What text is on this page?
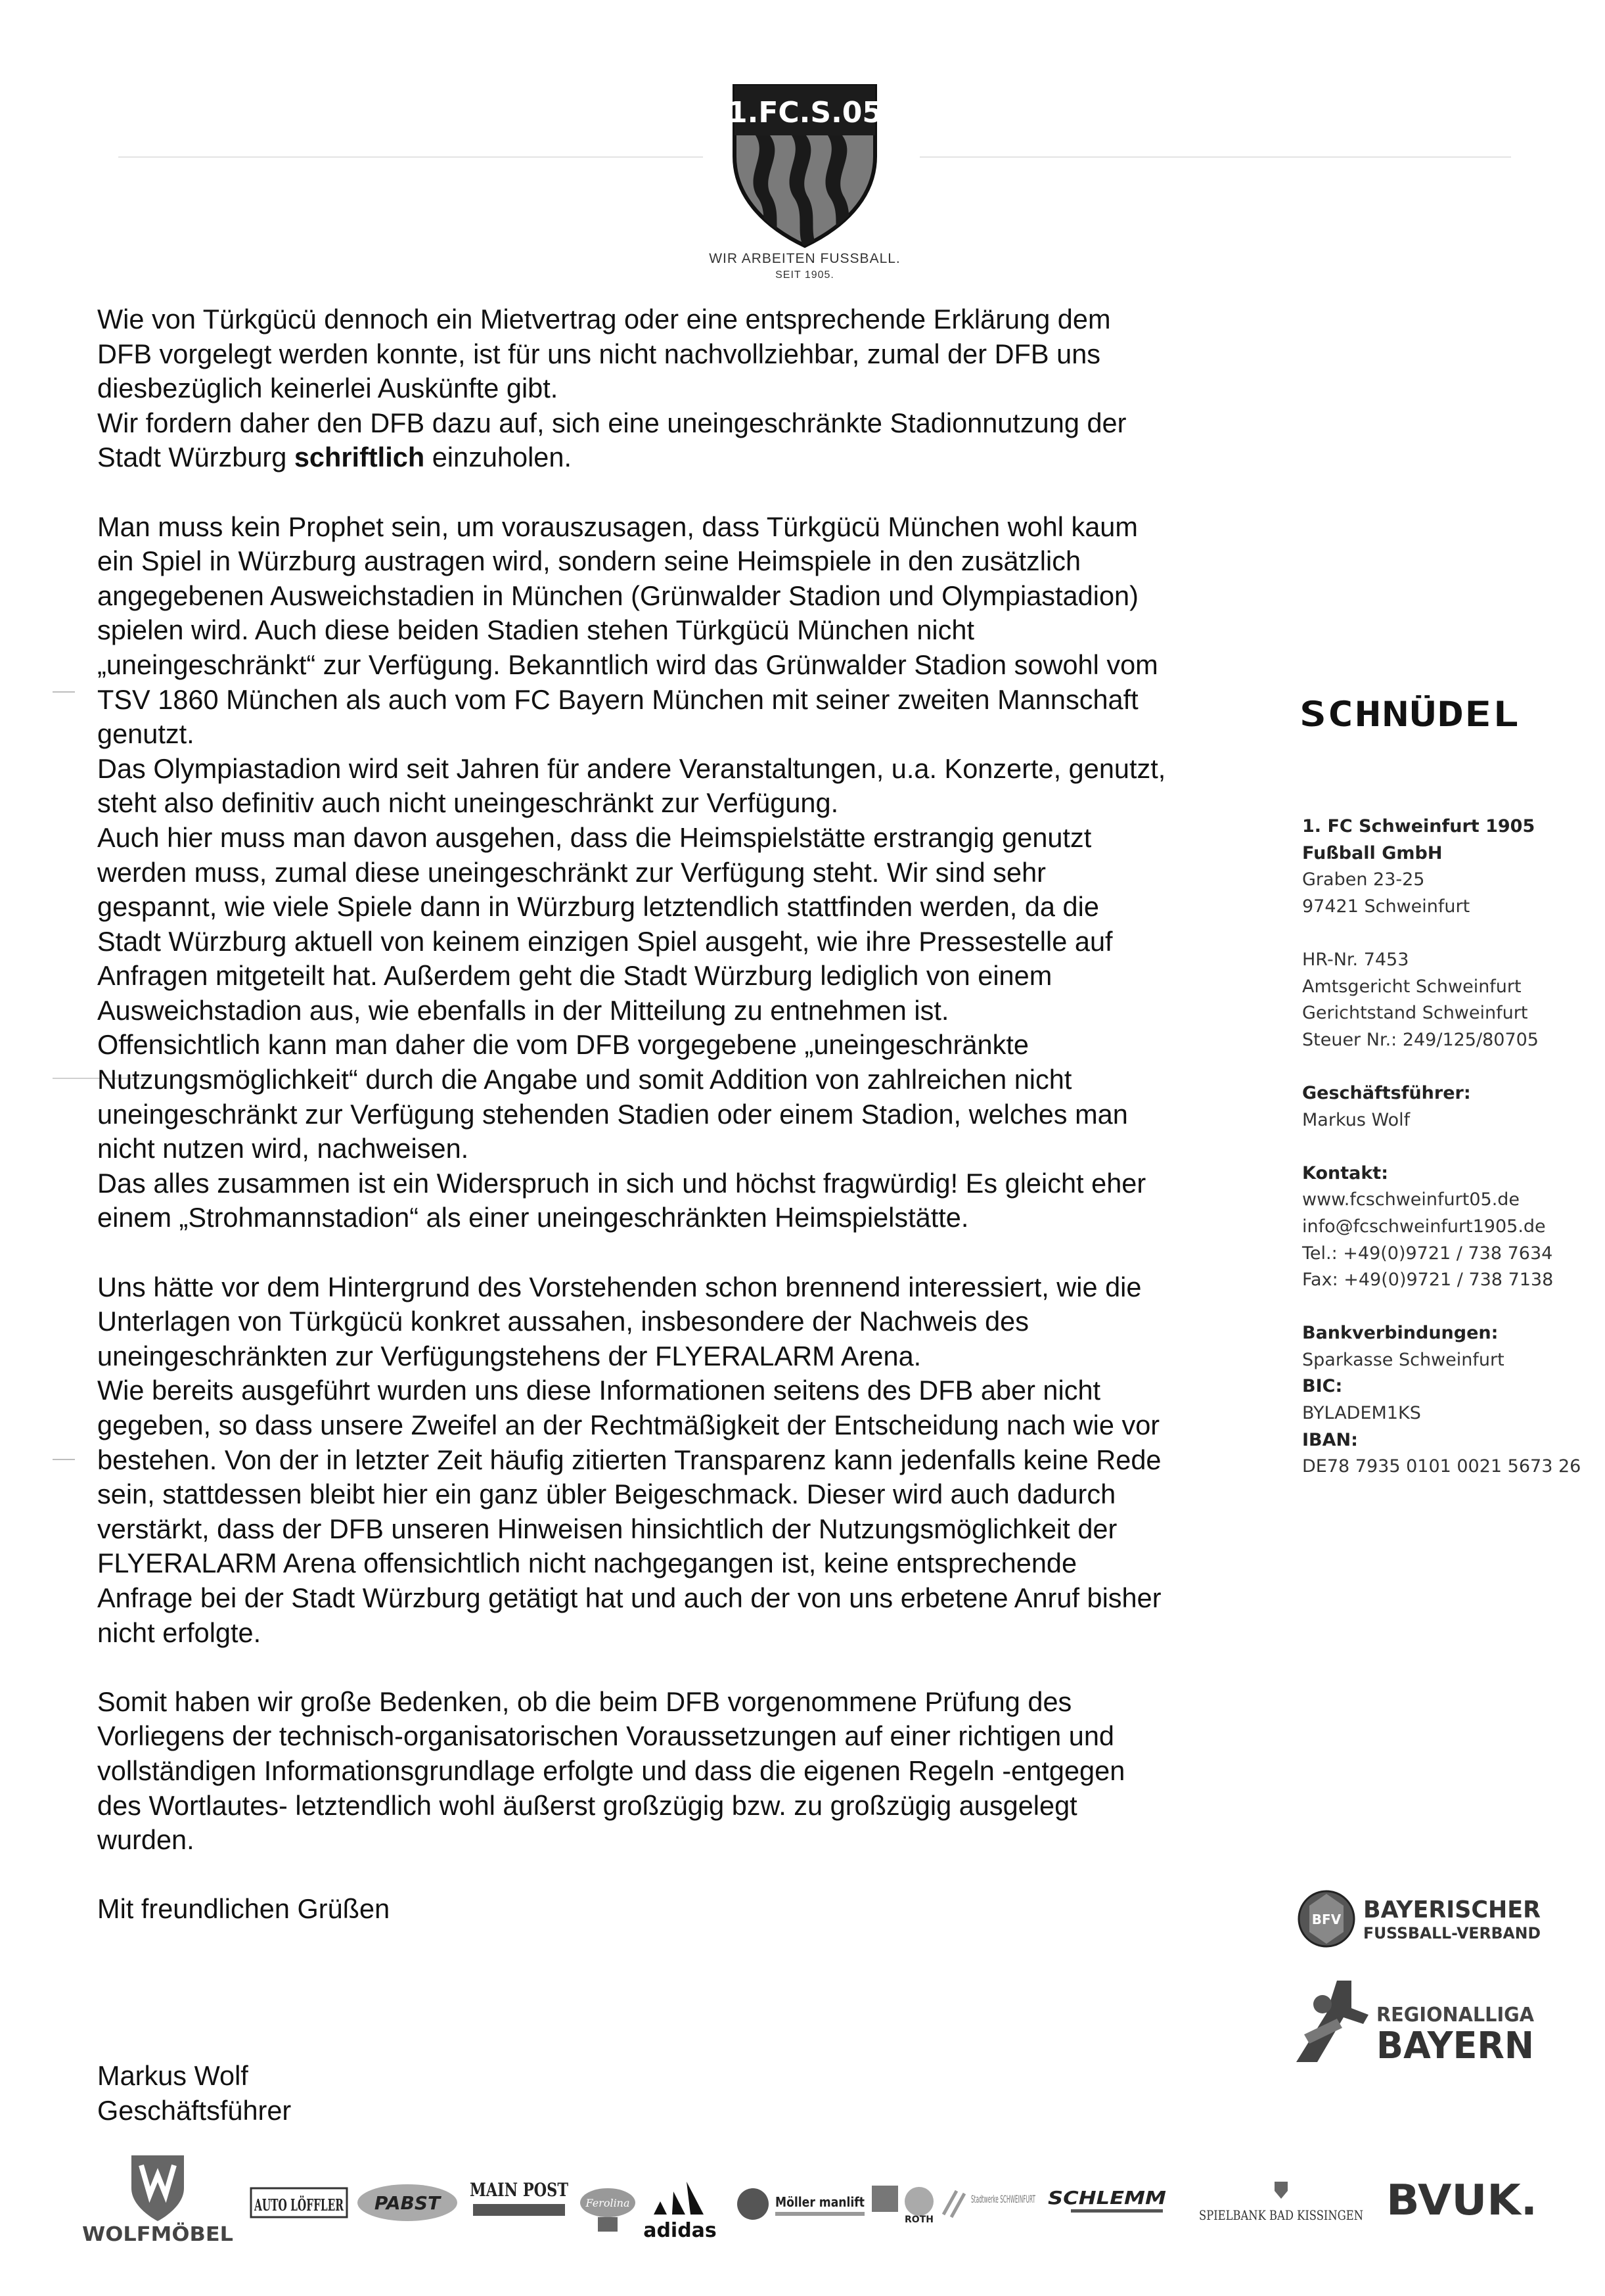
1.FC.S.05
WIR ARBEITEN FUSSBALL.
SEIT 1905.

Wie von Türkgücü dennoch ein Mietvertrag oder eine entsprechende Erklärung dem
DFB vorgelegt werden konnte, ist für uns nicht nachvollziehbar, zumal der DFB uns
diesbezüglich keinerlei Auskünfte gibt.

Wir fordern daher den DFB dazu auf, sich eine uneingeschränkte Stadionnutzung der
Stadt Würzburg schriftlich einzuholen.

Man muss kein Prophet sein, um vorauszusagen, dass Türkgücü München wohl kaum
ein Spiel in Würzburg austragen wird, sondern seine Heimspiele in den zusätzlich
angegebenen Ausweichstadien in München (Grünwalder Stadion und Olympiastadion)
spielen wird. Auch diese beiden Stadien stehen Türkgücü München nicht
„uneingeschränkt“ zur Verfügung. Bekanntlich wird das Grünwalder Stadion sowohl vom
TSV 1860 München als auch vom FC Bayern München mit seiner zweiten Mannschaft
genutzt.
Das Olympiastadion wird seit Jahren für andere Veranstaltungen, u.a. Konzerte, genutzt,
steht also definitiv auch nicht uneingeschränkt zur Verfügung.
Auch hier muss man davon ausgehen, dass die Heimspielstätte erstrangig genutzt
werden muss, zumal diese uneingeschränkt zur Verfügung steht. Wir sind sehr
gespannt, wie viele Spiele dann in Würzburg letztendlich stattfinden werden, da die
Stadt Würzburg aktuell von keinem einzigen Spiel ausgeht, wie ihre Pressestelle auf
Anfragen mitgeteilt hat. Außerdem geht die Stadt Würzburg lediglich von einem
Ausweichstadion aus, wie ebenfalls in der Mitteilung zu entnehmen ist.
Offensichtlich kann man daher die vom DFB vorgegebene „uneingeschränkte
Nutzungsmöglichkeit“ durch die Angabe und somit Addition von zahlreichen nicht
uneingeschränkt zur Verfügung stehenden Stadien oder einem Stadion, welches man
nicht nutzen wird, nachweisen.
Das alles zusammen ist ein Widerspruch in sich und höchst fragwürdig! Es gleicht eher
einem „Strohmannstadion“ als einer uneingeschränkten Heimspielstätte.

Uns hätte vor dem Hintergrund des Vorstehenden schon brennend interessiert, wie die
Unterlagen von Türkgücü konkret aussahen, insbesondere der Nachweis des
uneingeschränkten zur Verfügungstehens der FLYERALARM Arena.
Wie bereits ausgeführt wurden uns diese Informationen seitens des DFB aber nicht
gegeben, so dass unsere Zweifel an der Rechtmäßigkeit der Entscheidung nach wie vor
bestehen. Von der in letzter Zeit häufig zitierten Transparenz kann jedenfalls keine Rede
sein, stattdessen bleibt hier ein ganz übler Beigeschmack. Dieser wird auch dadurch
verstärkt, dass der DFB unseren Hinweisen hinsichtlich der Nutzungsmöglichkeit der
FLYERALARM Arena offensichtlich nicht nachgegangen ist, keine entsprechende
Anfrage bei der Stadt Würzburg getätigt hat und auch der von uns erbetene Anruf bisher
nicht erfolgte.

Somit haben wir große Bedenken, ob die beim DFB vorgenommene Prüfung des
Vorliegens der technisch-organisatorischen Voraussetzungen auf einer richtigen und
vollständigen Informationsgrundlage erfolgte und dass die eigenen Regeln -entgegen
des Wortlautes- letztendlich wohl äußerst großzügig bzw. zu großzügig ausgelegt
wurden.

Mit freundlichen Grüßen

Markus Wolf
Geschäftsführer
SCHNÜDEL
1. FC Schweinfurt 1905
Fußball GmbH
Graben 23-25
97421 Schweinfurt
HR-Nr. 7453
Amtsgericht Schweinfurt
Gerichtstand Schweinfurt
Steuer Nr.: 249/125/80705
Geschäftsführer:
Markus Wolf
Kontakt:
www.fcschweinfurt05.de
info@fcschweinfurt1905.de
Tel.: +49(0)9721 / 738 7634
Fax: +49(0)9721 / 738 7138
Bankverbindungen:
Sparkasse Schweinfurt
BIC:
BYLADEM1KS
IBAN:
DE78 7935 0101 0021 5673 26
BFV BAYERISCHER
FUSSBALL-VERBAND
REGIONALLIGA
BAYERN
WOLFMÖBEL
AUTO LÖFFLER PABST
MAIN POST
Ferolina
adidas
Möller manlift
ROTH
Stadtwerke SCHWEINFURT SCHLEMM
SPIELBANK BAD KISSINGEN BVUK.
